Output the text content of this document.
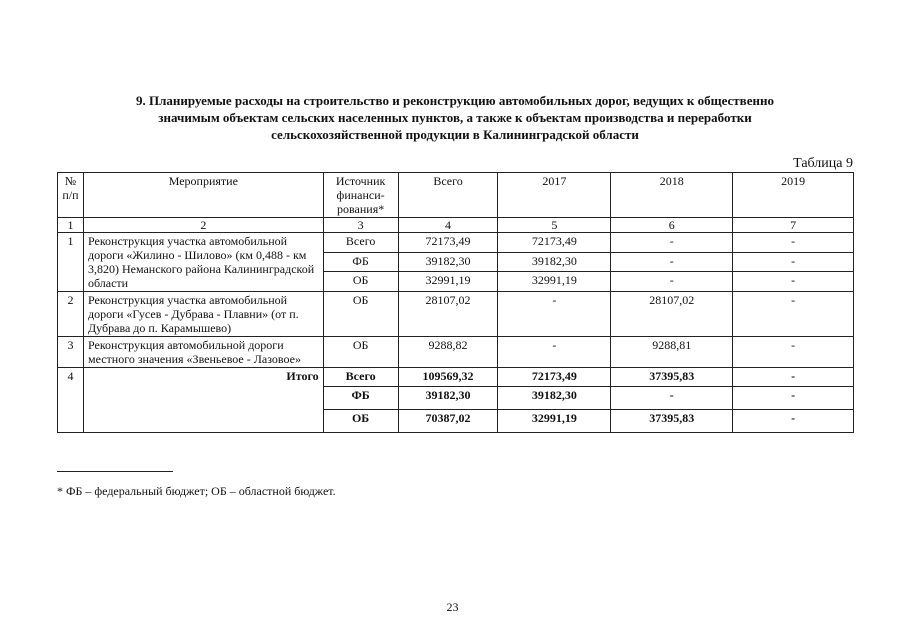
9. Планируемые расходы на строительство и реконструкцию автомобильных дорог, ведущих к общественно
значимым объектам сельских населенных пунктов, а также к объектам производства и переработки
сельскохозяйственной продукции в Калининградской области
Таблица 9
№ п/п	Мероприятие	Источник финанси-рования*	Всего	2017	2018	2019
1	2	3	4	5	6	7
1	Реконструкция участка автомобильной дороги «Жилино - Шилово» (км 0,488 - км 3,820) Неманского района Калининградской области	Всего	72173,49	72173,49	-	-
		ФБ	39182,30	39182,30	-	-
		ОБ	32991,19	32991,19	-	-
2	Реконструкция участка автомобильной дороги «Гусев - Дубрава - Плавни» (от п. Дубрава до п. Карамышево)	ОБ	28107,02	-	28107,02	-
3	Реконструкция автомобильной дороги местного значения «Звеньевое - Лазовое»	ОБ	9288,82	-	9288,81	-
4	Итого	Всего	109569,32	72173,49	37395,83	-
		ФБ	39182,30	39182,30	-	-
		ОБ	70387,02	32991,19	37395,83	-
* ФБ – федеральный бюджет; ОБ – областной бюджет.
23
